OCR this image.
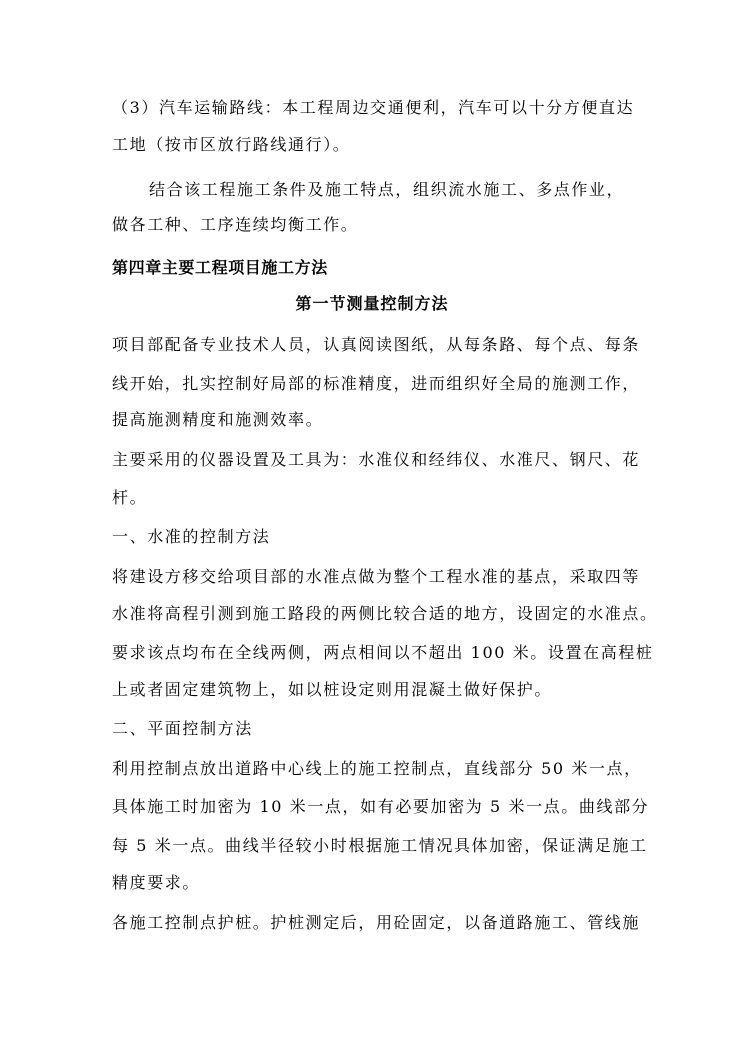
（3）汽车运输路线：本工程周边交通便利，汽车可以十分方便直达
工地（按市区放行路线通行）。
结合该工程施工条件及施工特点，组织流水施工、多点作业，
做各工种、工序连续均衡工作。
第四章主要工程项目施工方法
第一节测量控制方法
项目部配备专业技术人员，认真阅读图纸，从每条路、每个点、每条
线开始，扎实控制好局部的标准精度，进而组织好全局的施测工作，
提高施测精度和施测效率。
主要采用的仪器设置及工具为：水准仪和经纬仪、水准尺、钢尺、花
杆。
一、水准的控制方法
将建设方移交给项目部的水准点做为整个工程水准的基点，采取四等
水准将高程引测到施工路段的两侧比较合适的地方，设固定的水准点。
要求该点均布在全线两侧，两点相间以不超出 100 米。设置在高程桩
上或者固定建筑物上，如以桩设定则用混凝土做好保护。
二、平面控制方法
利用控制点放出道路中心线上的施工控制点，直线部分 50 米一点，
具体施工时加密为 10 米一点，如有必要加密为 5 米一点。曲线部分
每 5 米一点。曲线半径较小时根据施工情况具体加密，保证满足施工
精度要求。
各施工控制点护桩。护桩测定后，用砼固定，以备道路施工、管线施
